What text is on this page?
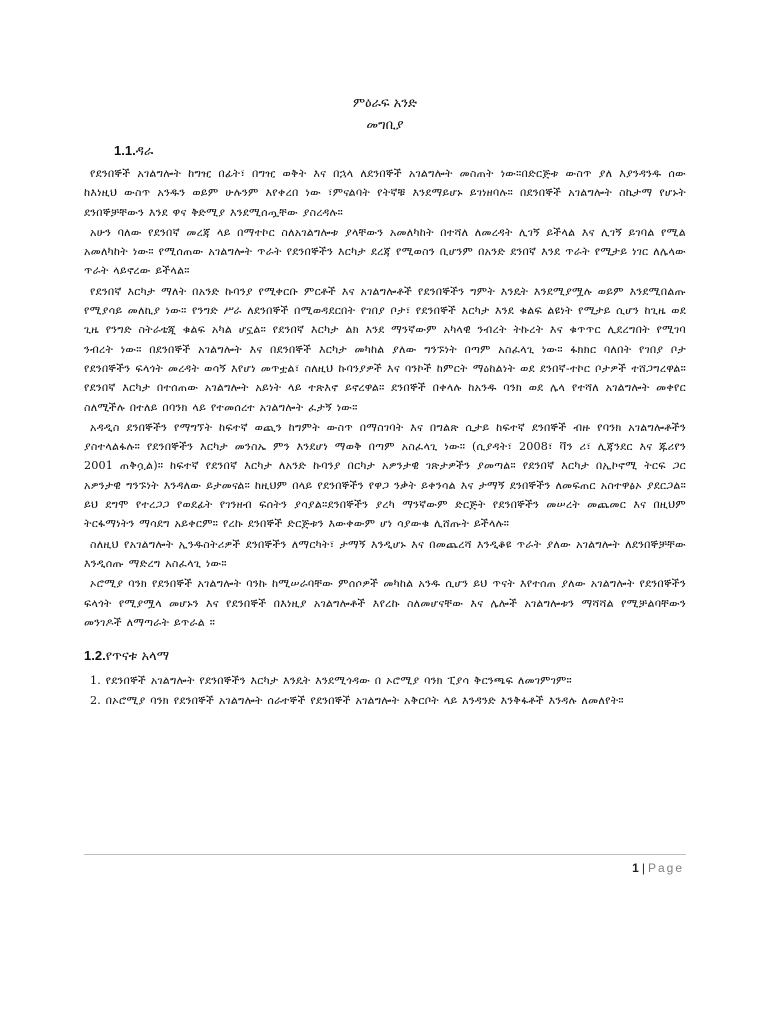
ምዕራፍ አንድ
መግቢያ
1.1.ዳራ

የደንበኞች አገልግሎት ከግዢ በፊት፣ በግዢ ወቅት እና በኋላ ለደንበኞች አገልግሎት መስጠት ነው።በድርጅቱ ውስጥ ያለ እያንዳንዱ ሰው ከእነዚህ ውስጥ አንዱን ወይም ሁሉንም እየቀረበ ነው ፣ምናልባት የትኛቹ እንደማይሆኑ ይገነዘባሉ። በደንበኞች አገልግሎት ስኬታማ የሆኑት ደንበኞቻቸውን እንደ ዋና ቅድሚያ እንደሚሰጧቸው ያስረዳሉ።

አሁን ባለው የደንበኛ መረጃ ላይ በማተኮር ስለአገልግሎቱ ያላቸውን አመለካከት በተሻለ ለመረዳት ሊገኝ ይችላል እና ሊገኝ ይገባል የሚል አመለካከት ነው። የሚሰጠው አገልግሎት ጥራት የደንበኞችን እርካታ ደረጃ የሚወስን ቢሆንም በአንድ ደንበኛ እንደ ጥራት የሚታይ ነገር ለሌላው ጥራት ላይኖረው ይችላል።

የደንበኛ እርካታ ማለት በአንድ ኩባንያ የሚቀርቡ ምርቶች እና አገልግሎቶች የደንበኞችን ግምት እንዴት እንደሚያሟሉ ወይም እንደሚበልጡ የሚያሳይ መለኪያ ነው። የንግድ ሥራ ለደንበኞች በሚወዳደርበት የገበያ ቦታ፣ የደንበኞች እርካታ እንደ ቁልፍ ልዩነት የሚታይ ሲሆን ከጊዜ ወደ ጊዜ የንግድ ስትራቴጂ ቁልፍ አካል ሆኗል። የደንበኛ እርካታ ልክ እንደ ማንኛውም አካላዊ ንብረት ትኩረት እና ቁጥጥር ሊደረግበት የሚገባ ንብረት ነው። በደንበኞች አገልግሎት እና በደንበኞች እርካታ መካከል ያለው ግንኙነት በጣም አስፈላጊ ነው። ፋክክር ባለበት የገበያ ቦታ የደንበኞችን ፍላጎት መረዳት ወሳኝ እየሆነ መጥቷል፣ ስለዚህ ኩባንያዎች እና ባንኮች ከምርት ማዕከልነት ወደ ደንበኛ-ተኮር ቦታዎች ተሸጋግረዋል። የደንበኛ እርካታ በተሰጠው አገልግሎት አይነት ላይ ተጽእኖ ይኖረዋል። ደንበኞች በቀላሉ ከአንዱ ባንክ ወደ ሌላ የተሻለ አገልግሎት መቀየር ስለሚችሉ በተለይ በባንክ ላይ የተመሰረተ አገልግሎት ፈታኝ ነው።

አዳዲስ ደንበኞችን የማግኘት ከፍተኛ ወጪን ከግምት ውስጥ በማስገባት እና በግልጽ ሲታይ ከፍተኛ ደንበኞች ብዙ የባንክ አገልግሎቶችን ያስተላልፋሉ። የደንበኞችን እርካታ መንስኤ ምን እንደሆነ ማወቅ በጣም አስፈላጊ ነው። (ሲያዳት፣ 2008፣ ቫን ሪ፣ ሊጃንደር እና ጁሪየን 2001 ጠቅሷል)። ከፍተኛ የደንበኛ እርካታ ለአንድ ኩባንያ በርካታ አዎንታዊ ገጽታዎችን ያመጣል። የደንበኛ እርካታ በኢኮኖሚ ትርፍ ጋር አዎንታዊ ግንኙነት እንዳለው ይታመናል። ከዚህም በላይ የደንበኞችን የዋጋ ንቃት ይቀንሳል እና ታማኝ ደንበኞችን ለመፍጠር አስተዋፅኦ ያደርጋል። ይህ ደግሞ የተረጋጋ የወደፊት የገንዘብ ፍሰትን ያሳያል።ደንበኞችን ያረካ ማንኛውም ድርጅት የደንበኞችን መሠረት መጨመር እና በዚህም ትርፋማነትን ማሳደግ አይቀርም። የረኩ ደንበኞች ድርጅቱን እውቀውም ሆነ ሳያውቁ ሊሸጡት ይችላሉ።

ስለዚህ የአገልግሎት ኢንዱስትሪዎች ደንበኞችን ለማርካት፣ ታማኝ እንዲሆኑ እና በመጨረሻ እንዲቆዩ ጥራት ያለው አገልግሎት ለደንበኞቻቸው እንዲሰጡ ማድረግ አስፈላጊ ነው።

ኦሮሚያ ባንክ የደንበኞች አገልግሎት ባንኩ ከሚሠራባቸው ምሰሶዎች መካከል አንዱ ሲሆን ይህ ጥናት እየተሰጠ ያለው አገልግሎት የደንበኞችን ፍላጎት የሚያሟላ መሆኑን እና የደንበኞች በእነዚያ አገልግሎቶች እየረኩ ስለመሆናቸው እና ሌሎች አገልግሎቱን ማሻሻል የሚቻልባቸውን መንገዶች ለማጣራት ይጥራል ።

1.2.የጥናቱ አላማ

1. የደንበኞች አገልግሎት የደንበኞችን እርካታ እንዴት እንደሚጎዳው በ ኦሮሚያ ባንክ ፒያሳ ቅርንጫፍ ለመገምገም።

2. በኦሮሚያ ባንክ የደንበኞች አገልግሎት ሰራተኞች የደንበኞች አገልግሎት አቅርቦት ላይ እንዳንድ እንቅፋቶች እንዳሉ ለመለየት።

1 | Page
